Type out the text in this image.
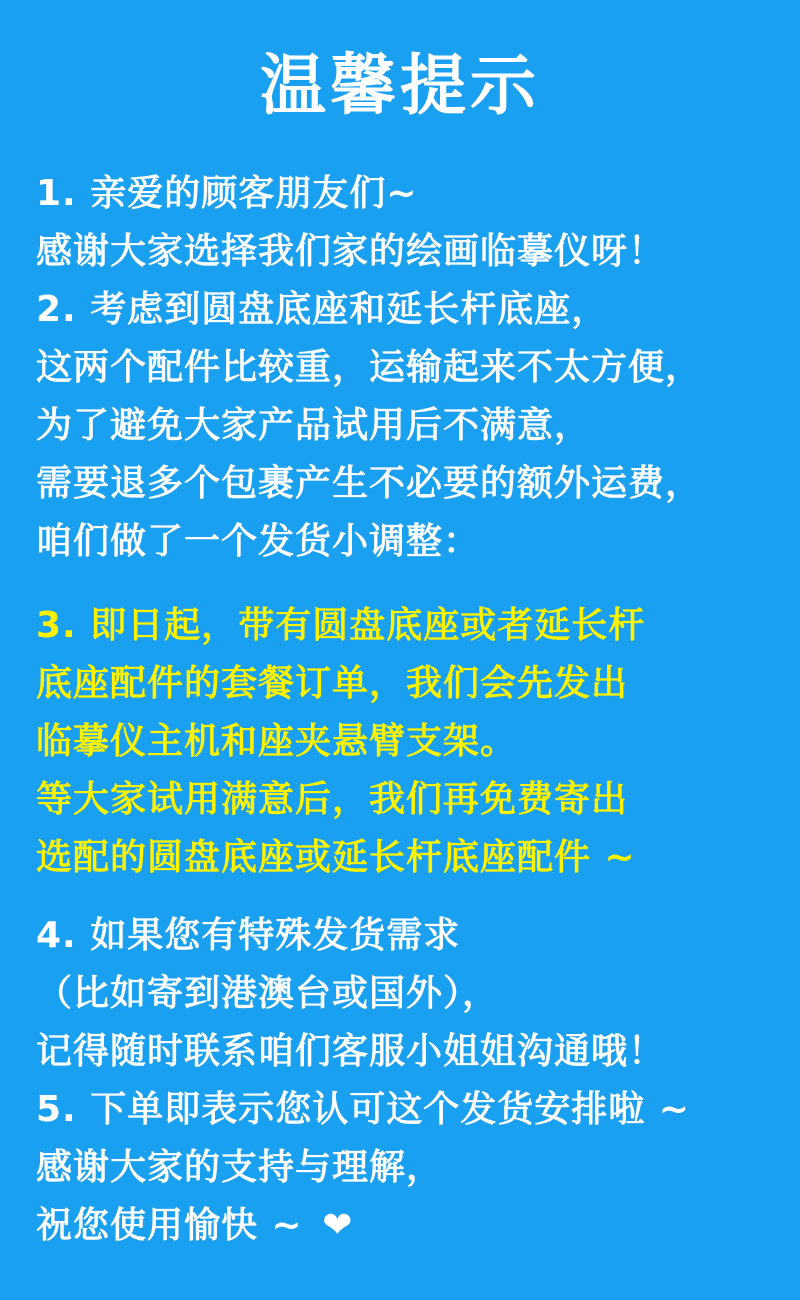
温馨提示
1. 亲爱的顾客朋友们~
感谢大家选择我们家的绘画临摹仪呀！
2. 考虑到圆盘底座和延长杆底座，
这两个配件比较重，运输起来不太方便，
为了避免大家产品试用后不满意，
需要退多个包裹产生不必要的额外运费，
咱们做了一个发货小调整：
3. 即日起，带有圆盘底座或者延长杆
底座配件的套餐订单，我们会先发出
临摹仪主机和座夹悬臂支架。
等大家试用满意后，我们再免费寄出
选配的圆盘底座或延长杆底座配件 ~
4. 如果您有特殊发货需求
（比如寄到港澳台或国外），
记得随时联系咱们客服小姐姐沟通哦！
5. 下单即表示您认可这个发货安排啦 ~
感谢大家的支持与理解，
祝您使用愉快 ~ ❤
